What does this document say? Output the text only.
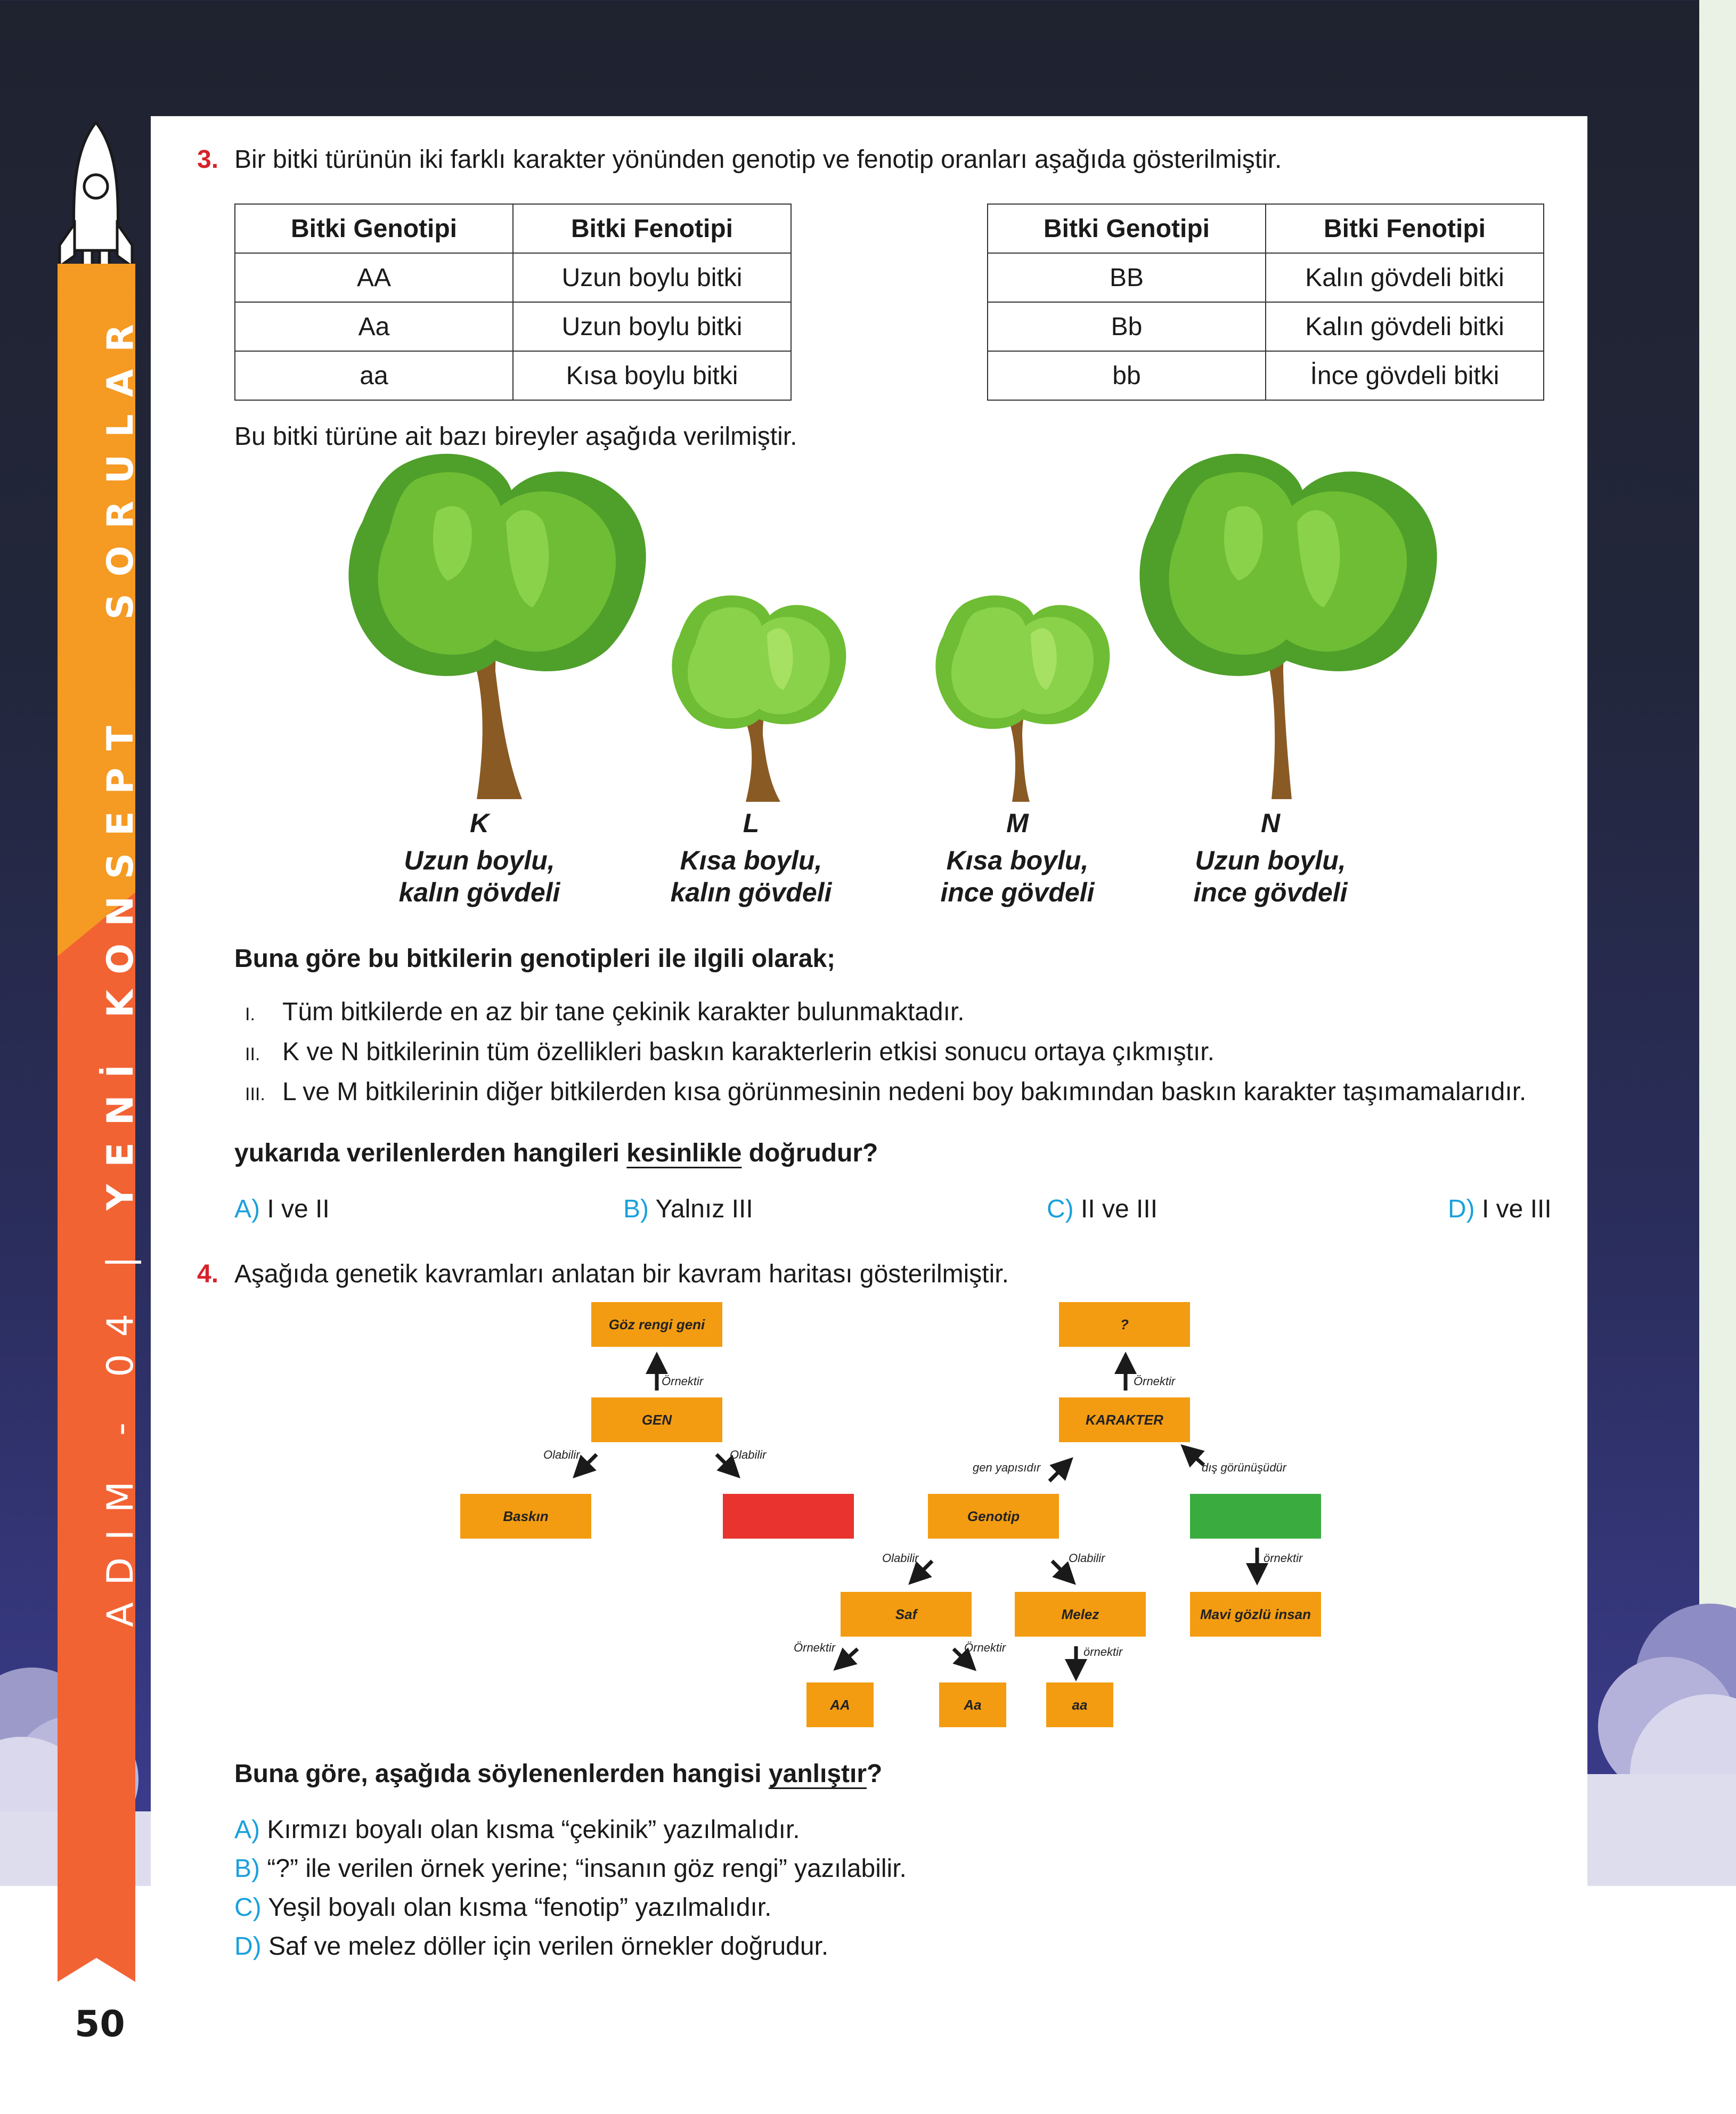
ADIM - 04 | YENİ KONSEPT  SORULAR
50
3. Bir bitki türünün iki farklı karakter yönünden genotip ve fenotip oranları aşağıda gösterilmiştir.
Bitki Genotipi	Bitki Fenotipi
AA	Uzun boylu bitki
Aa	Uzun boylu bitki
aa	Kısa boylu bitki
Bitki Genotipi	Bitki Fenotipi
BB	Kalın gövdeli bitki
Bb	Kalın gövdeli bitki
bb	İnce gövdeli bitki
Bu bitki türüne ait bazı bireyler aşağıda verilmiştir.
K
Uzun boylu,
kalın gövdeli
L
Kısa boylu,
kalın gövdeli
M
Kısa boylu,
ince gövdeli
N
Uzun boylu,
ince gövdeli
Buna göre bu bitkilerin genotipleri ile ilgili olarak;
I.	Tüm bitkilerde en az bir tane çekinik karakter bulunmaktadır.
II. K ve N bitkilerinin tüm özellikleri baskın karakterlerin etkisi sonucu ortaya çıkmıştır.
III. L ve M bitkilerinin diğer bitkilerden kısa görünmesinin nedeni boy bakımından baskın karakter taşımamalarıdır.
yukarıda verilenlerden hangileri kesinlikle doğrudur?
A) I ve II	B) Yalnız III	C) II ve III	D) I ve III
4. Aşağıda genetik kavramları anlatan bir kavram haritası gösterilmiştir.
Göz rengi geni
GEN
Baskın
?
KARAKTER
Genotip
Saf	Melez	Mavi gözlü insan
AA	Aa	aa
Örnektir	Örnektir
Olabilir	Olabilir
gen yapısıdır	dış görünüşüdür
Olabilir	Olabilir	örnektir
Örnektir	Örnektir	örnektir
Buna göre, aşağıda söylenenlerden hangisi yanlıştır?
A) Kırmızı boyalı olan kısma “çekinik” yazılmalıdır.
B) “?” ile verilen örnek yerine; “insanın göz rengi” yazılabilir.
C) Yeşil boyalı olan kısma “fenotip” yazılmalıdır.
D) Saf ve melez döller için verilen örnekler doğrudur.
